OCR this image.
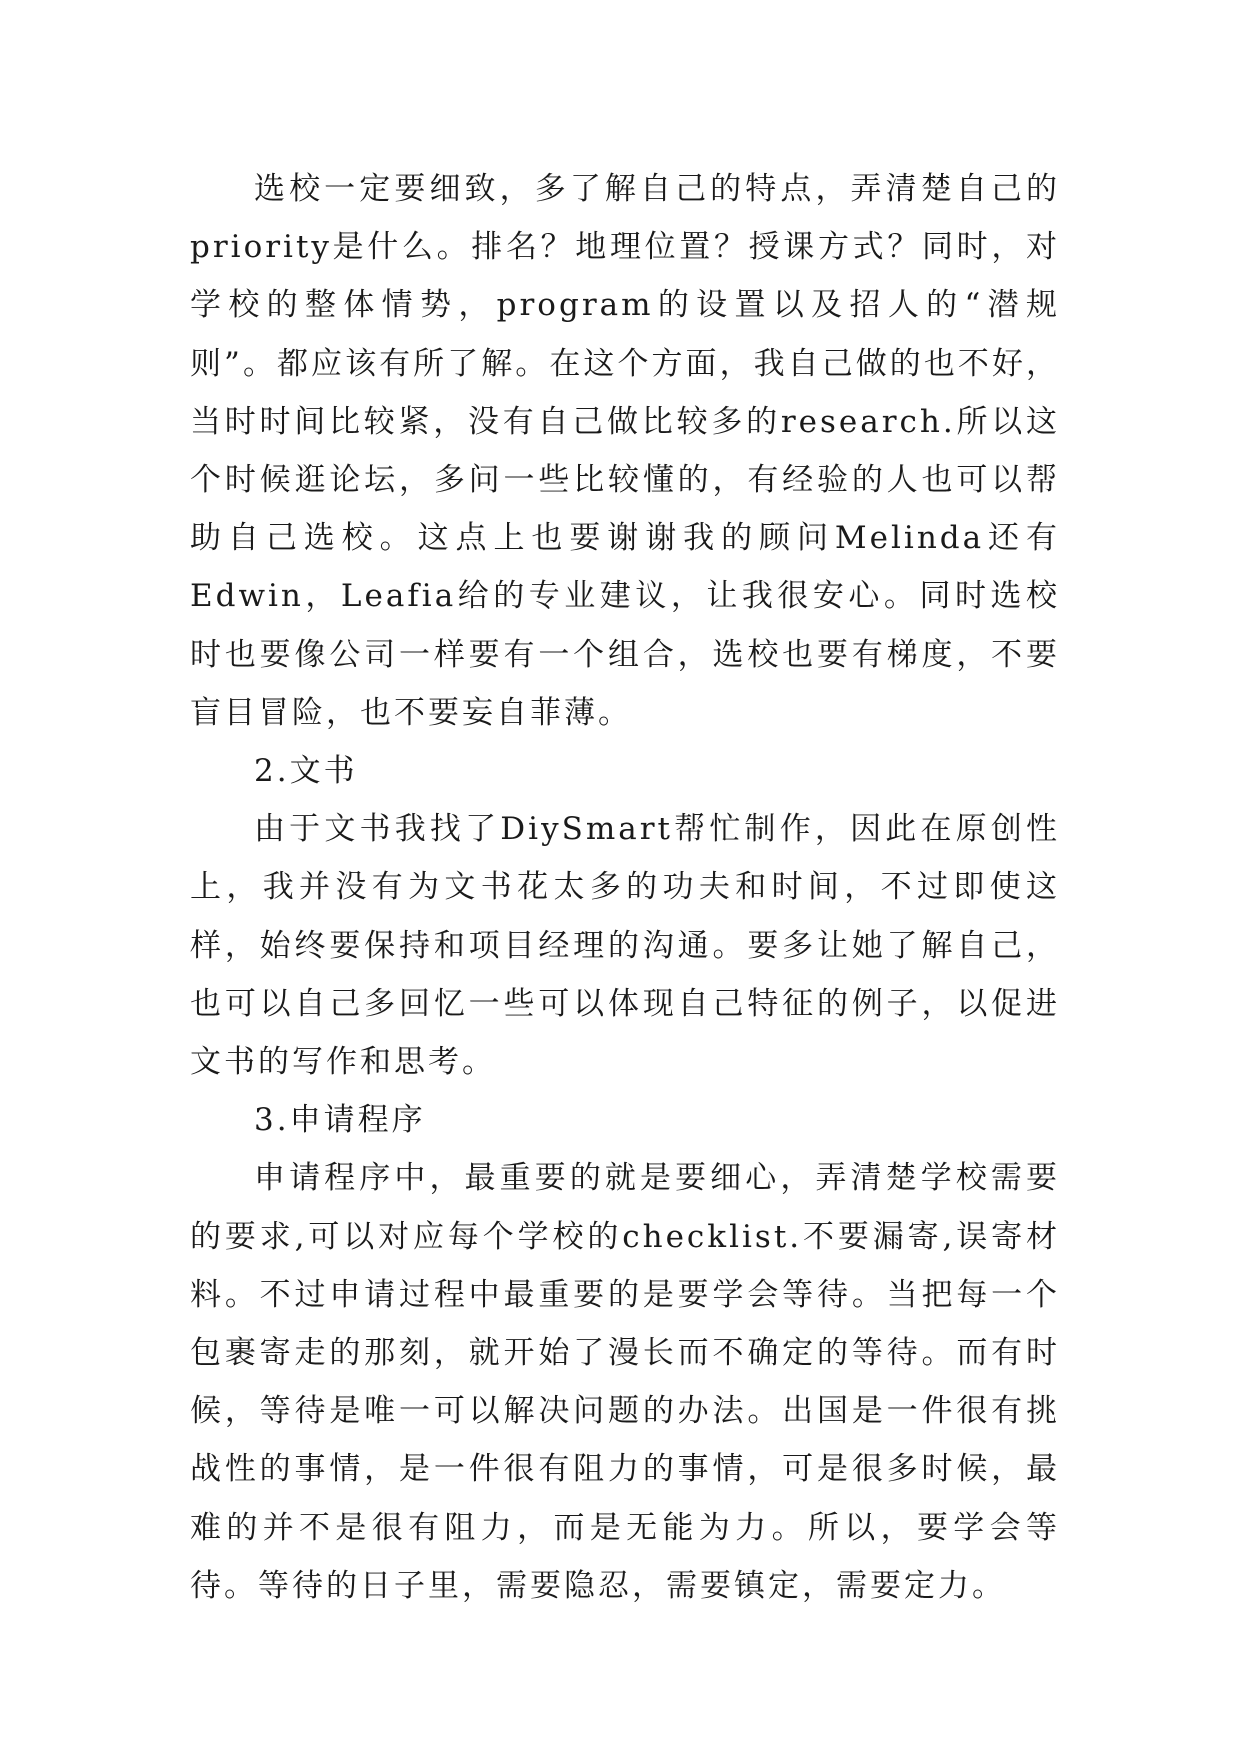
选校一定要细致，多了解自己的特点，弄清楚自己的priority是什么。排名？地理位置？授课方式？同时，对学校的整体情势，program的设置以及招人的“潜规则”。都应该有所了解。在这个方面，我自己做的也不好，当时时间比较紧，没有自己做比较多的research.所以这个时候逛论坛，多问一些比较懂的，有经验的人也可以帮助自己选校。这点上也要谢谢我的顾问Melinda还有Edwin，Leafia给的专业建议，让我很安心。同时选校时也要像公司一样要有一个组合，选校也要有梯度，不要盲目冒险，也不要妄自菲薄。

2.文书

由于文书我找了DiySmart帮忙制作，因此在原创性上，我并没有为文书花太多的功夫和时间，不过即使这样，始终要保持和项目经理的沟通。要多让她了解自己，也可以自己多回忆一些可以体现自己特征的例子，以促进文书的写作和思考。

3.申请程序

申请程序中，最重要的就是要细心，弄清楚学校需要的要求,可以对应每个学校的checklist.不要漏寄,误寄材料。不过申请过程中最重要的是要学会等待。当把每一个包裹寄走的那刻，就开始了漫长而不确定的等待。而有时候，等待是唯一可以解决问题的办法。出国是一件很有挑战性的事情，是一件很有阻力的事情，可是很多时候，最难的并不是很有阻力，而是无能为力。所以，要学会等待。等待的日子里，需要隐忍，需要镇定，需要定力。
